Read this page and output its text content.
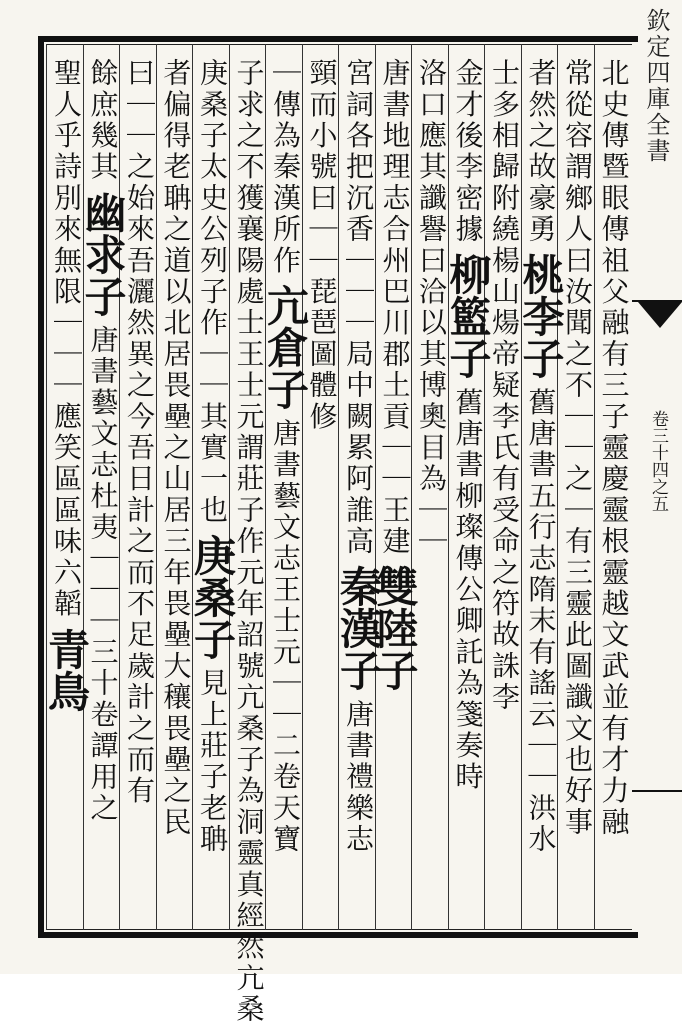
欽定四庫全書
卷三十四之五
北史傳暨眼傳祖父融有三子靈慶靈根靈越文武並有才力融
常從容謂鄉人曰汝聞之不｜｜之｜有三靈此圖讖文也好事
者然之故豪勇桃李子舊唐書五行志隋末有謠云｜｜洪水
士多相歸附繞楊山煬帝疑李氏有受命之符故誅李
金才後李密據柳籃子舊唐書柳璨傳公卿託為箋奏時
洛口應其讖譽曰洽以其博奧目為｜｜
唐書地理志合州巴川郡土貢｜｜王建雙陸子
宮詞各把沉香｜｜｜局中闕累阿誰高秦漢子唐書禮樂志
頸而小號曰｜｜琵琶圖體修
｜傳為秦漢所作亢倉子唐書藝文志王士元｜｜二卷天寶
子求之不獲襄陽處士王士元謂莊子作元年詔號亢桑子為洞靈真經然亢桑
庚桑子太史公列子作｜｜其實一也庚桑子見上莊子老聃
者偏得老聃之道以北居畏壘之山居三年畏壘大穰畏壘之民
曰｜｜之始來吾灑然異之今吾日計之而不足歲計之而有
餘庶幾其幽求子唐書藝文志杜夷｜｜｜三十卷譚用之
聖人乎詩別來無限｜｜｜應笑區區味六韜青鳥
